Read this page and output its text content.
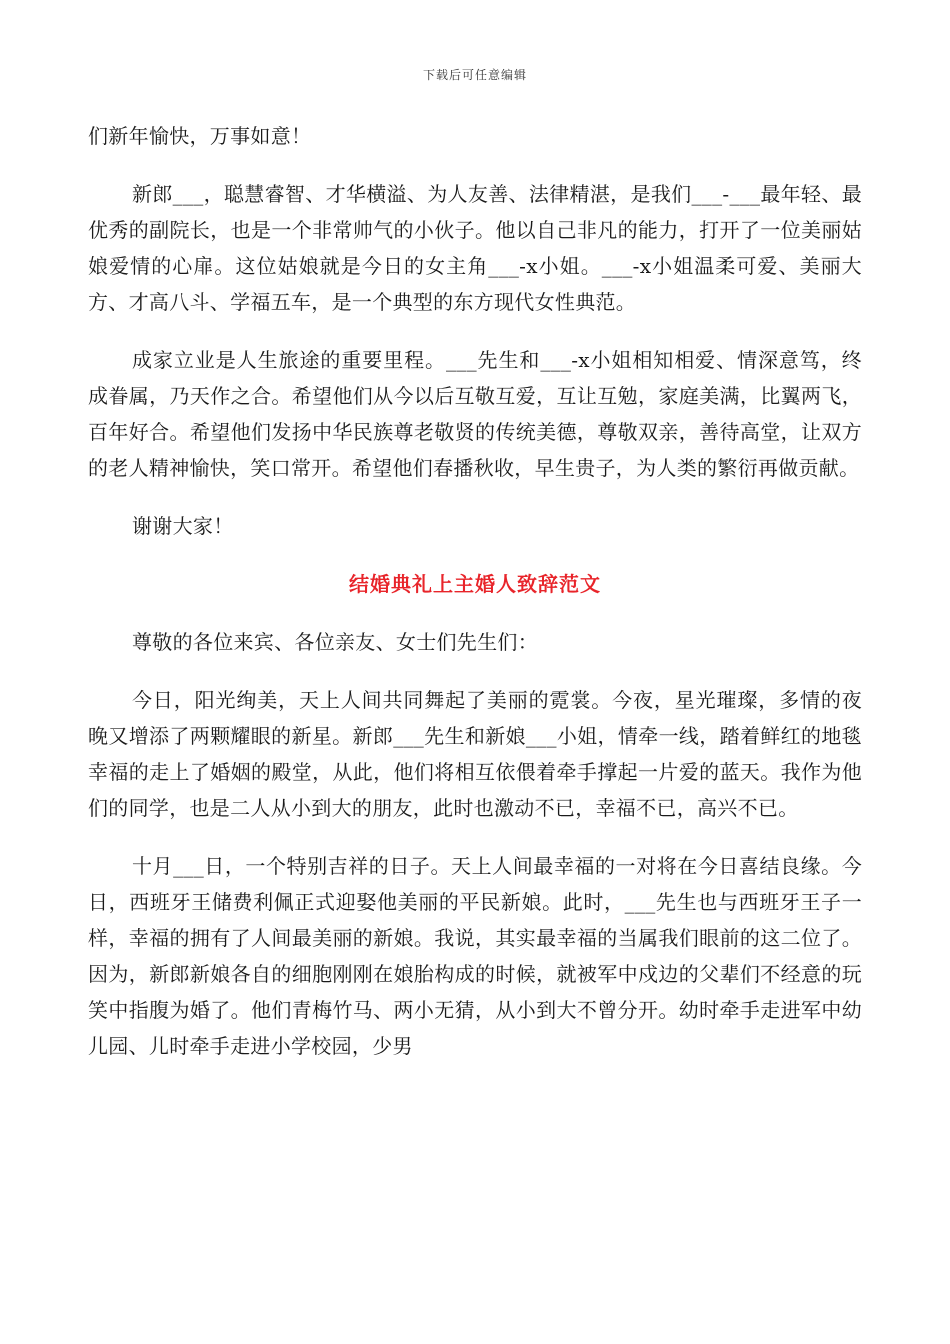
下载后可任意编辑

们新年愉快，万事如意！

新郎___，聪慧睿智、才华横溢、为人友善、法律精湛，是我们___-___最年轻、最优秀的副院长，也是一个非常帅气的小伙子。他以自己非凡的能力，打开了一位美丽姑娘爱情的心扉。这位姑娘就是今日的女主角___-x小姐。___-x小姐温柔可爱、美丽大方、才高八斗、学福五车，是一个典型的东方现代女性典范。

成家立业是人生旅途的重要里程。___先生和___-x小姐相知相爱、情深意笃，终成眷属，乃天作之合。希望他们从今以后互敬互爱，互让互勉，家庭美满，比翼两飞，百年好合。希望他们发扬中华民族尊老敬贤的传统美德，尊敬双亲，善待高堂，让双方的老人精神愉快，笑口常开。希望他们春播秋收，早生贵子，为人类的繁衍再做贡献。

谢谢大家！

结婚典礼上主婚人致辞范文

尊敬的各位来宾、各位亲友、女士们先生们：

今日，阳光绚美，天上人间共同舞起了美丽的霓裳。今夜，星光璀璨，多情的夜晚又增添了两颗耀眼的新星。新郎___先生和新娘___小姐，情牵一线，踏着鲜红的地毯幸福的走上了婚姻的殿堂，从此，他们将相互依偎着牵手撑起一片爱的蓝天。我作为他们的同学，也是二人从小到大的朋友，此时也激动不已，幸福不已，高兴不已。

十月___日，一个特别吉祥的日子。天上人间最幸福的一对将在今日喜结良缘。今日，西班牙王储费利佩正式迎娶他美丽的平民新娘。此时，___先生也与西班牙王子一样，幸福的拥有了人间最美丽的新娘。我说，其实最幸福的当属我们眼前的这二位了。因为，新郎新娘各自的细胞刚刚在娘胎构成的时候，就被军中戍边的父辈们不经意的玩笑中指腹为婚了。他们青梅竹马、两小无猜，从小到大不曾分开。幼时牵手走进军中幼儿园、儿时牵手走进小学校园，少男
